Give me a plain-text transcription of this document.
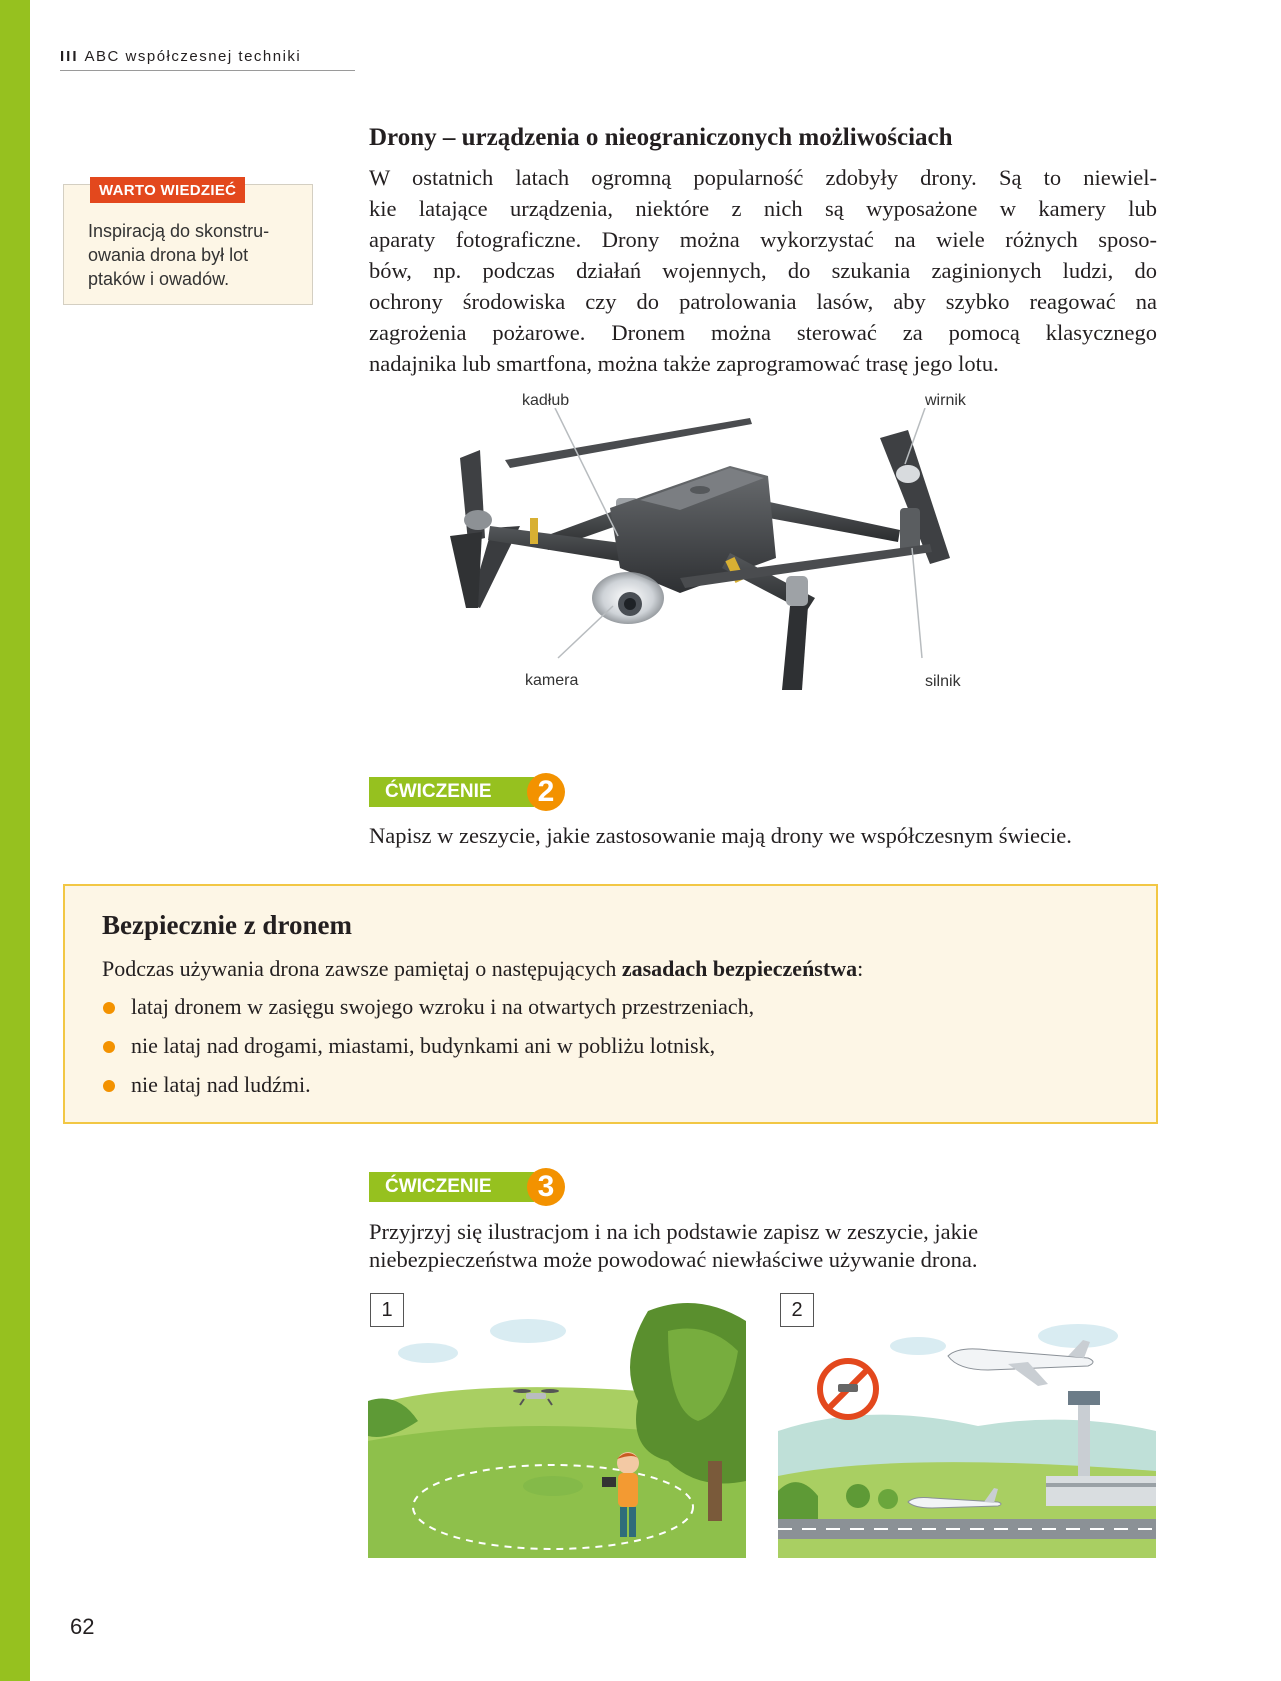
III ABC współczesnej techniki
WARTO WIEDZIEĆ
Inspiracją do skonstru-
owania drona był lot
ptaków i owadów.
Drony – urządzenia o nieograniczonych możliwościach
W ostatnich latach ogromną popularność zdobyły drony. Są to niewiel-
kie latające urządzenia, niektóre z nich są wyposażone w kamery lub
aparaty fotograficzne. Drony można wykorzystać na wiele różnych sposo-
bów, np. podczas działań wojennych, do szukania zaginionych ludzi, do
ochrony środowiska czy do patrolowania lasów, aby szybko reagować na
zagrożenia pożarowe. Dronem można sterować za pomocą klasycznego
nadajnika lub smartfona, można także zaprogramować trasę jego lotu.
kadłub	wirnik
kamera	silnik
ĆWICZENIE	2
Napisz w zeszycie, jakie zastosowanie mają drony we współczesnym świecie.
Bezpiecznie z dronem
Podczas używania drona zawsze pamiętaj o następujących zasadach bezpieczeństwa:
lataj dronem w zasięgu swojego wzroku i na otwartych przestrzeniach,
nie lataj nad drogami, miastami, budynkami ani w pobliżu lotnisk,
nie lataj nad ludźmi.
ĆWICZENIE	3
Przyjrzyj się ilustracjom i na ich podstawie zapisz w zeszycie, jakie
niebezpieczeństwa może powodować niewłaściwe używanie drona.
1	2
62
